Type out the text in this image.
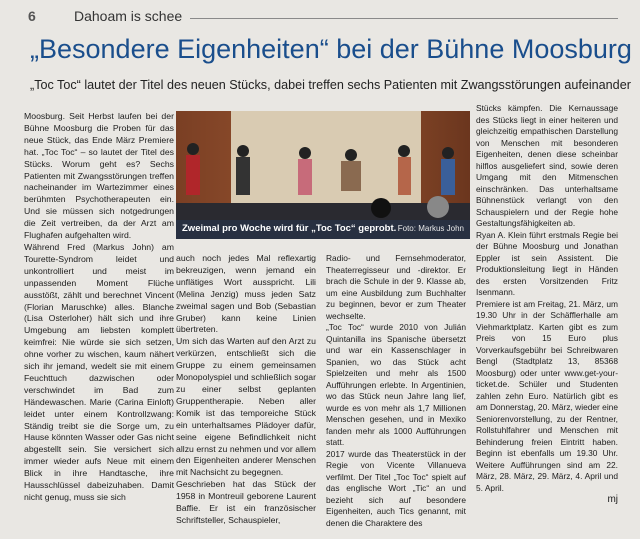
6	Dahoam is schee
„Besondere Eigenheiten“ bei der Bühne Moosburg
„Toc Toc“ lautet der Titel des neuen Stücks, dabei treffen sechs Patienten mit Zwangsstörungen aufeinander

Moosburg. Seit Herbst laufen bei der Bühne Moosburg die Proben für das neue Stück, das Ende März Premiere hat. „Toc Toc“ – so lautet der Titel des Stücks. Worum geht es? Sechs Patienten mit Zwangsstörungen treffen nacheinander im Wartezimmer eines berühmten Psychotherapeuten ein. Und sie müssen sich notgedrungen die Zeit vertreiben, da der Arzt am Flughafen aufgehalten wird.

Während Fred (Markus John) am Tourette-Syndrom leidet und unkontrolliert und meist im unpassenden Moment Flüche ausstößt, zählt und berechnet Vincent (Florian Maruschke) alles. Blanche (Lisa Osterloher) hält sich und ihre Umgebung am liebsten komplett keimfrei: Nie würde sie sich setzen, ohne vorher zu wischen, kaum nähert sich ihr jemand, wedelt sie mit einem Feuchttuch dazwischen oder verschwindet im Bad zum Händewaschen. Marie (Carina Einloft) leidet unter einem Kontrollzwang: Ständig treibt sie die Sorge um, zu Hause könnten Wasser oder Gas nicht abgestellt sein. Sie versichert sich immer wieder aufs Neue mit einem Blick in ihre Handtasche, ihre Hausschlüssel dabeizuhaben. Damit nicht genug, muss sie sich

Zweimal pro Woche wird für „Toc Toc“ geprobt. Foto: Markus John

auch noch jedes Mal reflexartig bekreuzigen, wenn jemand ein unflätiges Wort ausspricht. Lili (Melina Jenzig) muss jeden Satz zweimal sagen und Bob (Sebastian Gruber) kann keine Linien übertreten.

Um sich das Warten auf den Arzt zu verkürzen, entschließt sich die Gruppe zu einem gemeinsamen Monopolyspiel und schließlich sogar zu einer selbst geplanten Gruppentherapie. Neben aller Komik ist das temporeiche Stück ein unterhaltsames Plädoyer dafür, seine eigene Befindlichkeit nicht allzu ernst zu nehmen und vor allem den Eigenheiten anderer Menschen mit Nachsicht zu begegnen.

Geschrieben hat das Stück der 1958 in Montreuil geborene Laurent Baffie. Er ist ein französischer Schriftsteller, Schauspieler,

Radio- und Fernsehmoderator, Theaterregisseur und -direktor. Er brach die Schule in der 9. Klasse ab, um eine Ausbildung zum Buchhalter zu beginnen, bevor er zum Theater wechselte.

„Toc Toc“ wurde 2010 von Julián Quintanilla ins Spanische übersetzt und war ein Kassenschlager in Spanien, wo das Stück acht Spielzeiten und mehr als 1500 Aufführungen erlebte. In Argentinien, wo das Stück neun Jahre lang lief, wurde es von mehr als 1,7 Millionen Menschen gesehen, und in Mexiko fanden mehr als 1000 Aufführungen statt.

2017 wurde das Theaterstück in der Regie von Vicente Villanueva verfilmt. Der Titel „Toc Toc“ spielt auf das englische Wort „Tic“ an und bezieht sich auf besondere Eigenheiten, auch Tics genannt, mit denen die Charaktere des

Stücks kämpfen. Die Kernaussage des Stücks liegt in einer heiteren und gleichzeitig empathischen Darstellung von Menschen mit besonderen Eigenheiten, denen diese scheinbar hilflos ausgeliefert sind, sowie deren Umgang mit den Mitmenschen einschränken. Das unterhaltsame Bühnenstück verlangt von den Schauspielern und der Regie hohe Gestaltungsfähigkeiten ab.

Ryan A. Klein führt erstmals Regie bei der Bühne Moosburg und Jonathan Eppler ist sein Assistent. Die Produktionsleitung liegt in Händen des ersten Vorsitzenden Fritz Isenmann.

Premiere ist am Freitag, 21. März, um 19.30 Uhr in der Schäfflerhalle am Viehmarktplatz. Karten gibt es zum Preis von 15 Euro plus Vorverkaufsgebühr bei Schreibwaren Bengl (Stadtplatz 13, 85368 Moosburg) oder unter www.get-your-ticket.de. Schüler und Studenten zahlen zehn Euro. Natürlich gibt es am Donnerstag, 20. März, wieder eine Seniorenvorstellung, zu der Rentner, Rollstuhlfahrer und Menschen mit Behinderung freien Eintritt haben. Beginn ist ebenfalls um 19.30 Uhr. Weitere Aufführungen sind am 22. März, 28. März, 29. März, 4. April und 5. April.

mj
